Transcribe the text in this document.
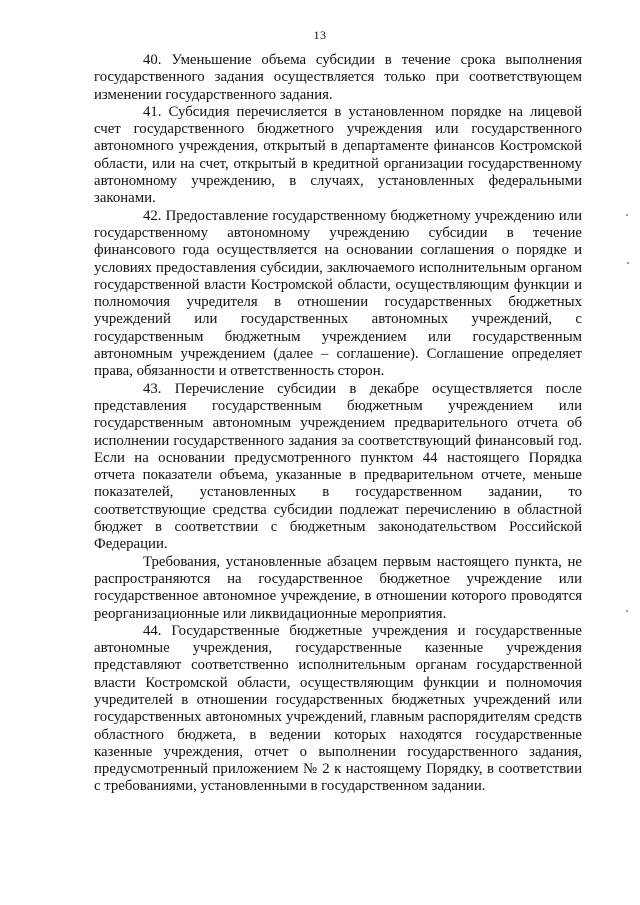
13

40. Уменьшение объема субсидии в течение срока выполнения государственного задания осуществляется только при соответствующем изменении государственного задания.

41. Субсидия перечисляется в установленном порядке на лицевой счет государственного бюджетного учреждения или государственного автономного учреждения, открытый в департаменте финансов Костромской области, или на счет, открытый в кредитной организации государственному автономному учреждению, в случаях, установленных федеральными законами.

42. Предоставление государственному бюджетному учреждению или государственному автономному учреждению субсидии в течение финансового года осуществляется на основании соглашения о порядке и условиях предоставления субсидии, заключаемого исполнительным органом государственной власти Костромской области, осуществляющим функции и полномочия учредителя в отношении государственных бюджетных учреждений или государственных автономных учреждений, с государственным бюджетным учреждением или государственным автономным учреждением (далее – соглашение). Соглашение определяет права, обязанности и ответственность сторон.

43. Перечисление субсидии в декабре осуществляется после представления государственным бюджетным учреждением или государственным автономным учреждением предварительного отчета об исполнении государственного задания за соответствующий финансовый год. Если на основании предусмотренного пунктом 44 настоящего Порядка отчета показатели объема, указанные в предварительном отчете, меньше показателей, установленных в государственном задании, то соответствующие средства субсидии подлежат перечислению в областной бюджет в соответствии с бюджетным законодательством Российской Федерации.

Требования, установленные абзацем первым настоящего пункта, не распространяются на государственное бюджетное учреждение или государственное автономное учреждение, в отношении которого проводятся реорганизационные или ликвидационные мероприятия.

44. Государственные бюджетные учреждения и государственные автономные учреждения, государственные казенные учреждения представляют соответственно исполнительным органам государственной власти Костромской области, осуществляющим функции и полномочия учредителей в отношении государственных бюджетных учреждений или государственных автономных учреждений, главным распорядителям средств областного бюджета, в ведении которых находятся государственные казенные учреждения, отчет о выполнении государственного задания, предусмотренный приложением № 2 к настоящему Порядку, в соответствии с требованиями, установленными в государственном задании.
